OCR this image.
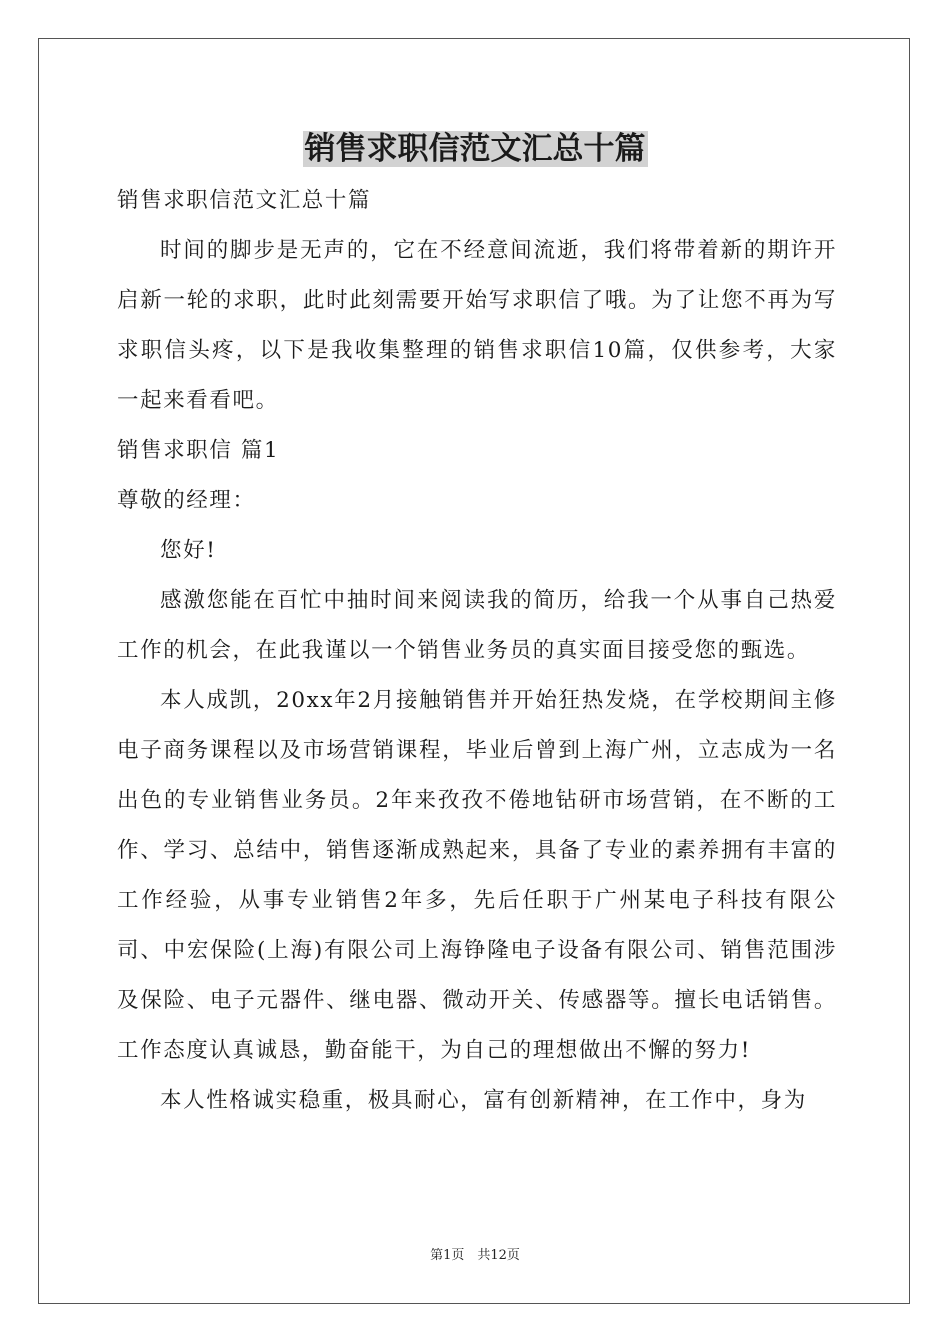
销售求职信范文汇总十篇

销售求职信范文汇总十篇

时间的脚步是无声的，它在不经意间流逝，我们将带着新的期许开启新一轮的求职，此时此刻需要开始写求职信了哦。为了让您不再为写求职信头疼，以下是我收集整理的销售求职信10篇，仅供参考，大家一起来看看吧。

销售求职信 篇1

尊敬的经理：

您好!

感激您能在百忙中抽时间来阅读我的简历，给我一个从事自己热爱工作的机会，在此我谨以一个销售业务员的真实面目接受您的甄选。

本人成凯，20xx年2月接触销售并开始狂热发烧，在学校期间主修电子商务课程以及市场营销课程，毕业后曾到上海广州，立志成为一名出色的专业销售业务员。2年来孜孜不倦地钻研市场营销，在不断的工作、学习、总结中，销售逐渐成熟起来，具备了专业的素养拥有丰富的工作经验，从事专业销售2年多，先后任职于广州某电子科技有限公司、中宏保险(上海)有限公司上海铮隆电子设备有限公司、销售范围涉及保险、电子元器件、继电器、微动开关、传感器等。擅长电话销售。工作态度认真诚恳，勤奋能干，为自己的理想做出不懈的努力!

本人性格诚实稳重，极具耐心，富有创新精神，在工作中，身为

第1页　共12页
